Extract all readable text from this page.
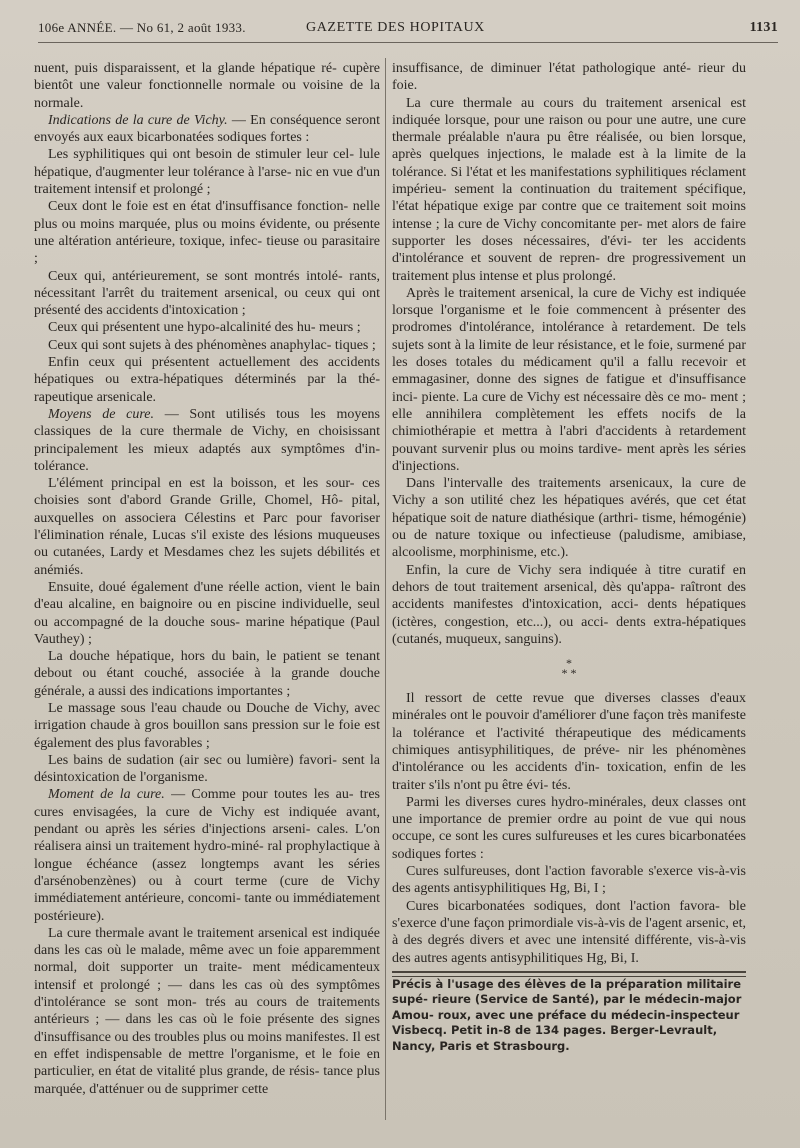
106e ANNÉE. — No 61, 2 août 1933.	GAZETTE DES HOPITAUX	1131

nuent, puis disparaissent, et la glande hépatique ré- cupère bientôt une valeur fonctionnelle normale ou voisine de la normale.

Indications de la cure de Vichy. — En conséquence seront envoyés aux eaux bicarbonatées sodiques fortes :

Les syphilitiques qui ont besoin de stimuler leur cel- lule hépatique, d'augmenter leur tolérance à l'arse- nic en vue d'un traitement intensif et prolongé ;

Ceux dont le foie est en état d'insuffisance fonction- nelle plus ou moins marquée, plus ou moins évidente, ou présente une altération antérieure, toxique, infec- tieuse ou parasitaire ;

Ceux qui, antérieurement, se sont montrés intolé- rants, nécessitant l'arrêt du traitement arsenical, ou ceux qui ont présenté des accidents d'intoxication ;

Ceux qui présentent une hypo-alcalinité des hu- meurs ;

Ceux qui sont sujets à des phénomènes anaphylac- tiques ;

Enfin ceux qui présentent actuellement des accidents hépatiques ou extra-hépatiques déterminés par la thé- rapeutique arsenicale.

Moyens de cure. — Sont utilisés tous les moyens classiques de la cure thermale de Vichy, en choisissant principalement les mieux adaptés aux symptômes d'in- tolérance.

L'élément principal en est la boisson, et les sour- ces choisies sont d'abord Grande Grille, Chomel, Hô- pital, auxquelles on associera Célestins et Parc pour favoriser l'élimination rénale, Lucas s'il existe des lésions muqueuses ou cutanées, Lardy et Mesdames chez les sujets débilités et anémiés.

Ensuite, doué également d'une réelle action, vient le bain d'eau alcaline, en baignoire ou en piscine individuelle, seul ou accompagné de la douche sous- marine hépatique (Paul Vauthey) ;

La douche hépatique, hors du bain, le patient se tenant debout ou étant couché, associée à la grande douche générale, a aussi des indications importantes ;

Le massage sous l'eau chaude ou Douche de Vichy, avec irrigation chaude à gros bouillon sans pression sur le foie est également des plus favorables ;

Les bains de sudation (air sec ou lumière) favori- sent la désintoxication de l'organisme.

Moment de la cure. — Comme pour toutes les au- tres cures envisagées, la cure de Vichy est indiquée avant, pendant ou après les séries d'injections arseni- cales. L'on réalisera ainsi un traitement hydro-miné- ral prophylactique à longue échéance (assez longtemps avant les séries d'arsénobenzènes) ou à court terme (cure de Vichy immédiatement antérieure, concomi- tante ou immédiatement postérieure).

La cure thermale avant le traitement arsenical est indiquée dans les cas où le malade, même avec un foie apparemment normal, doit supporter un traite- ment médicamenteux intensif et prolongé ; — dans les cas où des symptômes d'intolérance se sont mon- trés au cours de traitements antérieurs ; — dans les cas où le foie présente des signes d'insuffisance ou des troubles plus ou moins manifestes. Il est en effet indispensable de mettre l'organisme, et le foie en particulier, en état de vitalité plus grande, de résis- tance plus marquée, d'atténuer ou de supprimer cette

insuffisance, de diminuer l'état pathologique anté- rieur du foie.

La cure thermale au cours du traitement arsenical est indiquée lorsque, pour une raison ou pour une autre, une cure thermale préalable n'aura pu être réalisée, ou bien lorsque, après quelques injections, le malade est à la limite de la tolérance. Si l'état et les manifestations syphilitiques réclament impérieu- sement la continuation du traitement spécifique, l'état hépatique exige par contre que ce traitement soit moins intense ; la cure de Vichy concomitante per- met alors de faire supporter les doses nécessaires, d'évi- ter les accidents d'intolérance et souvent de repren- dre progressivement un traitement plus intense et plus prolongé.

Après le traitement arsenical, la cure de Vichy est indiquée lorsque l'organisme et le foie commencent à présenter des prodromes d'intolérance, intolérance à retardement. De tels sujets sont à la limite de leur résistance, et le foie, surmené par les doses totales du médicament qu'il a fallu recevoir et emmagasiner, donne des signes de fatigue et d'insuffisance inci- piente. La cure de Vichy est nécessaire dès ce mo- ment ; elle annihilera complètement les effets nocifs de la chimiothérapie et mettra à l'abri d'accidents à retardement pouvant survenir plus ou moins tardive- ment après les séries d'injections.

Dans l'intervalle des traitements arsenicaux, la cure de Vichy a son utilité chez les hépatiques avérés, que cet état hépatique soit de nature diathésique (arthri- tisme, hémogénie) ou de nature toxique ou infectieuse (paludisme, amibiase, alcoolisme, morphinisme, etc.).

Enfin, la cure de Vichy sera indiquée à titre curatif en dehors de tout traitement arsenical, dès qu'appa- raîtront des accidents manifestes d'intoxication, acci- dents hépatiques (ictères, congestion, etc...), ou acci- dents extra-hépatiques (cutanés, muqueux, sanguins).

*
* *

Il ressort de cette revue que diverses classes d'eaux minérales ont le pouvoir d'améliorer d'une façon très manifeste la tolérance et l'activité thérapeutique des médicaments chimiques antisyphilitiques, de préve- nir les phénomènes d'intolérance ou les accidents d'in- toxication, enfin de les traiter s'ils n'ont pu être évi- tés.

Parmi les diverses cures hydro-minérales, deux classes ont une importance de premier ordre au point de vue qui nous occupe, ce sont les cures sulfureuses et les cures bicarbonatées sodiques fortes :

Cures sulfureuses, dont l'action favorable s'exerce vis-à-vis des agents antisyphilitiques Hg, Bi, I ;

Cures bicarbonatées sodiques, dont l'action favora- ble s'exerce d'une façon primordiale vis-à-vis de l'agent arsenic, et, à des degrés divers et avec une intensité différente, vis-à-vis des autres agents antisyphilitiques Hg, Bi, I.

Précis à l'usage des élèves de la préparation militaire supé- rieure (Service de Santé), par le médecin-major Amou- roux, avec une préface du médecin-inspecteur Visbecq. Petit in-8 de 134 pages. Berger-Levrault, Nancy, Paris et Strasbourg.
